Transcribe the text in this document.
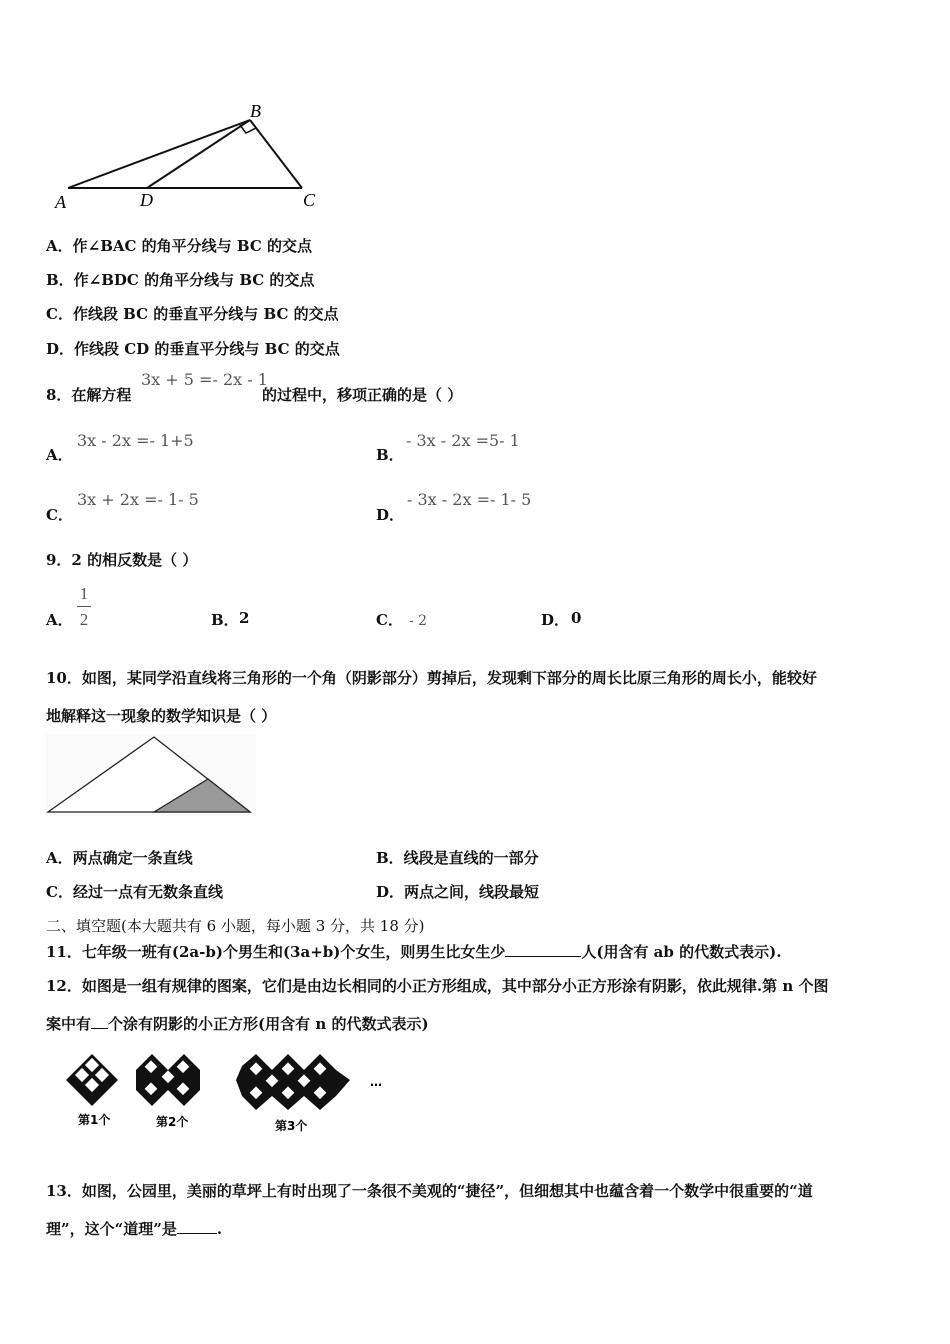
B
A	D	C
A．作∠BAC 的角平分线与 BC 的交点
B．作∠BDC 的角平分线与 BC 的交点
C．作线段 BC 的垂直平分线与 BC 的交点
D．作线段 CD 的垂直平分线与 BC 的交点
8．在解方程
3x + 5 =- 2x - 1
的过程中，移项正确的是（ ）
A．
3x - 2x =- 1+5
B．
- 3x - 2x =5- 1
C．
3x + 2x =- 1- 5
D．
- 3x - 2x =- 1- 5
9．2 的相反数是（ ）
A．
1
2	B． 2	C． - 2	D． 0
10．如图，某同学沿直线将三角形的一个角（阴影部分）剪掉后，发现剩下部分的周长比原三角形的周长小，能较好
地解释这一现象的数学知识是（ ）
A．两点确定一条直线	B．线段是直线的一部分
C．经过一点有无数条直线	D．两点之间，线段最短
二、填空题(本大题共有 6 小题，每小题 3 分，共 18 分)
11．七年级一班有(2a-b)个男生和(3a+b)个女生，则男生比女生少	人(用含有 ab 的代数式表示).
12．如图是一组有规律的图案，它们是由边长相同的小正方形组成，其中部分小正方形涂有阴影，依此规律.第 n 个图
案中有 个涂有阴影的小正方形(用含有 n 的代数式表示)
第1个	第2个	第3个
…
13．如图，公园里，美丽的草坪上有时出现了一条很不美观的“捷径”，但细想其中也蕴含着一个数学中很重要的“道
理”，这个“道理”是	.
